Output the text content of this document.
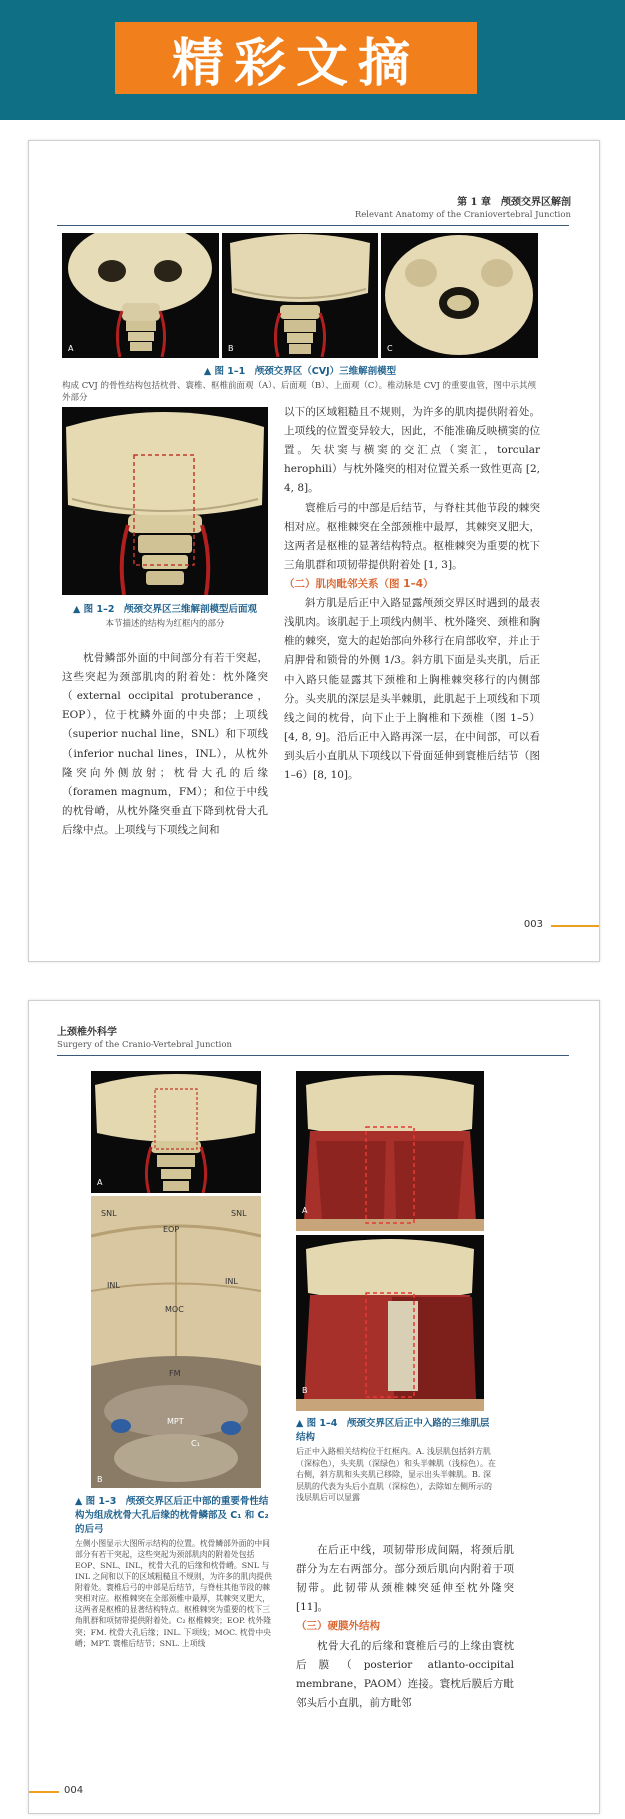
精彩文摘
第 1 章　颅颈交界区解剖
Relevant Anatomy of the Craniovertebral Junction
A	B	C
▲ 图 1–1　颅颈交界区（CVJ）三维解剖模型
构成 CVJ 的骨性结构包括枕骨、寰椎、枢椎前面观（A）、后面观（B）、上面观（C）。椎动脉是 CVJ 的重要血管，图中示其颅外部分
▲ 图 1–2　颅颈交界区三维解剖模型后面观
本节描述的结构为红框内的部分

枕骨鳞部外面的中间部分有若干突起，这些突起为颈部肌肉的附着处：枕外隆突（external occipital protuberance，EOP），位于枕鳞外面的中央部；上项线（superior nuchal line，SNL）和下项线（inferior nuchal lines，INL），从枕外隆突向外侧放射；枕骨大孔的后缘（foramen magnum，FM）；和位于中线的枕骨嵴，从枕外隆突垂直下降到枕骨大孔后缘中点。上项线与下项线之间和

以下的区域粗糙且不规则，为许多的肌肉提供附着处。上项线的位置变异较大，因此，不能准确反映横窦的位置。矢状窦与横窦的交汇点（窦汇，torcular herophili）与枕外隆突的相对位置关系一致性更高 [2, 4, 8]。

寰椎后弓的中部是后结节，与脊柱其他节段的棘突相对应。枢椎棘突在全部颈椎中最厚，其棘突叉肥大，这两者是枢椎的显著结构特点。枢椎棘突为重要的枕下三角肌群和项韧带提供附着处 [1, 3]。

（二）肌肉毗邻关系（图 1–4）

斜方肌是后正中入路显露颅颈交界区时遇到的最表浅肌肉。该肌起于上项线内侧半、枕外隆突、颈椎和胸椎的棘突，宽大的起始部向外移行在肩部收窄，并止于肩胛骨和锁骨的外侧 1/3。斜方肌下面是头夹肌，后正中入路只能显露其下颈椎和上胸椎棘突移行的内侧部分。头夹肌的深层是头半棘肌，此肌起于上项线和下项线之间的枕骨，向下止于上胸椎和下颈椎（图 1–5）[4, 8, 9]。沿后正中入路再深一层，在中间部，可以看到头后小直肌从下项线以下骨面延伸到寰椎后结节（图 1–6）[8, 10]。

003
上颈椎外科学
Surgery of the Cranio-Vertebral Junction
A
SNL
EOP
SNL
INL	INL
MOC
FM
MPT
C₁
B
▲ 图 1–3　颅颈交界区后正中部的重要骨性结构为组成枕骨大孔后缘的枕骨鳞部及 C₁ 和 C₂ 的后弓
左侧小图显示大图所示结构的位置。枕骨鳞部外面的中间部分有若干突起，这些突起为颈部肌肉的附着处包括 EOP、SNL、INL，枕骨大孔的后缘和枕骨嵴。SNL 与 INL 之间和以下的区域粗糙且不规则，为许多的肌肉提供附着处。寰椎后弓的中部是后结节，与脊柱其他节段的棘突相对应。枢椎棘突在全部颈椎中最厚，其棘突叉肥大，这两者是枢椎的显著结构特点。枢椎棘突为重要的枕下三角肌群和项韧带提供附着处。C₂ 枢椎棘突；EOP. 枕外隆突；FM. 枕骨大孔后缘；INL. 下项线；MOC. 枕骨中央嵴；MPT. 寰椎后结节；SNL. 上项线
A
B
▲ 图 1–4　颅颈交界区后正中入路的三维肌层结构
后正中入路相关结构位于红框内。A. 浅层肌包括斜方肌（深棕色），头夹肌（深绿色）和头半棘肌（浅棕色）。在右侧，斜方肌和头夹肌已移除，显示出头半棘肌。B. 深层肌的代表为头后小直肌（深棕色），去除如左侧所示的浅层肌后可以显露

在后正中线，项韧带形成间隔，将颈后肌群分为左右两部分。部分颈后肌向内附着于项韧带。此韧带从颈椎棘突延伸至枕外隆突 [11]。

（三）硬膜外结构

枕骨大孔的后缘和寰椎后弓的上缘由寰枕后膜（posterior atlanto-occipital membrane，PAOM）连接。寰枕后膜后方毗邻头后小直肌，前方毗邻

004
